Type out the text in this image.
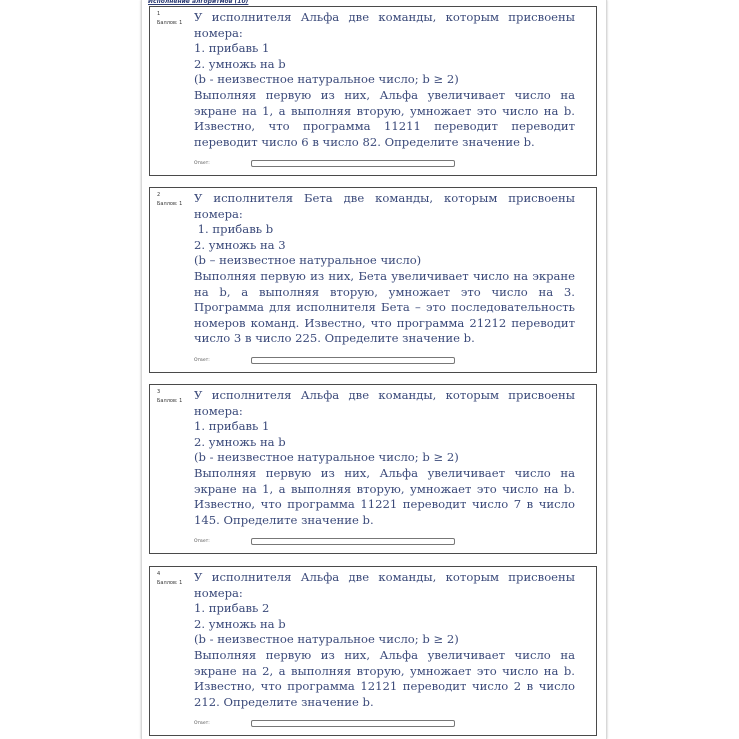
Исполнение алгоритмов (10)
1
Баллов: 1 У исполнителя Альфа две команды, которым присвоены
номера:
1. прибавь 1
2. умножь на b
(b - неизвестное натуральное число; b ≥ 2)
Выполняя первую из них, Альфа увеличивает число на
экране на 1, а выполняя вторую, умножает это число на b.
Известно, что программа 11211 переводит переводит
переводит число 6 в число 82. Определите значение b.
Ответ:
2
Баллов: 1 У исполнителя Бета две команды, которым присвоены
номера:
1. прибавь b
2. умножь на 3
(b – неизвестное натуральное число)
Выполняя первую из них, Бета увеличивает число на экране
на b, а выполняя вторую, умножает это число на 3.
Программа для исполнителя Бета – это последовательность
номеров команд. Известно, что программа 21212 переводит
число 3 в число 225. Определите значение b.
Ответ:
3
Баллов: 1 У исполнителя Альфа две команды, которым присвоены
номера:
1. прибавь 1
2. умножь на b
(b - неизвестное натуральное число; b ≥ 2)
Выполняя первую из них, Альфа увеличивает число на
экране на 1, а выполняя вторую, умножает это число на b.
Известно, что программа 11221 переводит число 7 в число
145. Определите значение b.
Ответ:
4
Баллов: 1 У исполнителя Альфа две команды, которым присвоены
номера:
1. прибавь 2
2. умножь на b
(b - неизвестное натуральное число; b ≥ 2)
Выполняя первую из них, Альфа увеличивает число на
экране на 2, а выполняя вторую, умножает это число на b.
Известно, что программа 12121 переводит число 2 в число
212. Определите значение b.
Ответ:
